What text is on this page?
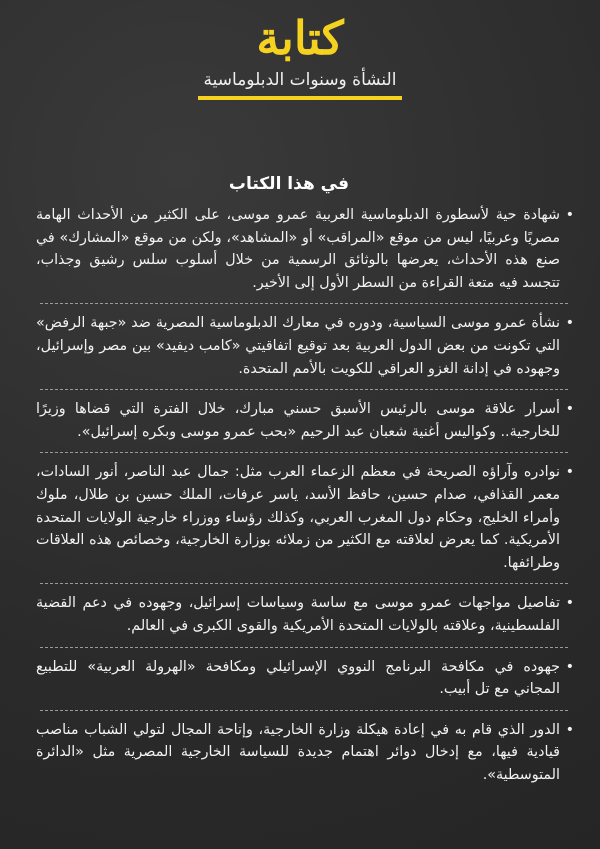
كتابة
النشأة وسنوات الدبلوماسية
في هذا الكتاب
• شهادة حية لأسطورة الدبلوماسية العربية عمرو موسى، على الكثير من الأحداث الهامة مصريًا وعربيًا، ليس من موقع «المراقب» أو «المشاهد»، ولكن من موقع «المشارك» في صنع هذه الأحداث، يعرضها بالوثائق الرسمية من خلال أسلوب سلس رشيق وجذاب، تتجسد فيه متعة القراءة من السطر الأول إلى الأخير.
• نشأة عمرو موسى السياسية، ودوره في معارك الدبلوماسية المصرية ضد «جبهة الرفض» التي تكونت من بعض الدول العربية بعد توقيع اتفاقيتي «كامب ديفيد» بين مصر وإسرائيل، وجهوده في إدانة الغزو العراقي للكويت بالأمم المتحدة.
• أسرار علاقة موسى بالرئيس الأسبق حسني مبارك، خلال الفترة التي قضاها وزيرًا للخارجية.. وكواليس أغنية شعبان عبد الرحيم «بحب عمرو موسى وبكره إسرائيل».
• نوادره وآراؤه الصريحة في معظم الزعماء العرب مثل: جمال عبد الناصر، أنور السادات، معمر القذافي، صدام حسين، حافظ الأسد، ياسر عرفات، الملك حسين بن طلال، ملوك وأمراء الخليج، وحكام دول المغرب العربي، وكذلك رؤساء ووزراء خارجية الولايات المتحدة الأمريكية. كما يعرض لعلاقته مع الكثير من زملائه بوزارة الخارجية، وخصائص هذه العلاقات وطرائفها.
• تفاصيل مواجهات عمرو موسى مع ساسة وسياسات إسرائيل، وجهوده في دعم القضية الفلسطينية، وعلاقته بالولايات المتحدة الأمريكية والقوى الكبرى في العالم.
• جهوده في مكافحة البرنامج النووي الإسرائيلي ومكافحة «الهرولة العربية» للتطبيع المجاني مع تل أبيب.
• الدور الذي قام به في إعادة هيكلة وزارة الخارجية، وإتاحة المجال لتولي الشباب مناصب قيادية فيها، مع إدخال دوائر اهتمام جديدة للسياسة الخارجية المصرية مثل «الدائرة المتوسطية».
